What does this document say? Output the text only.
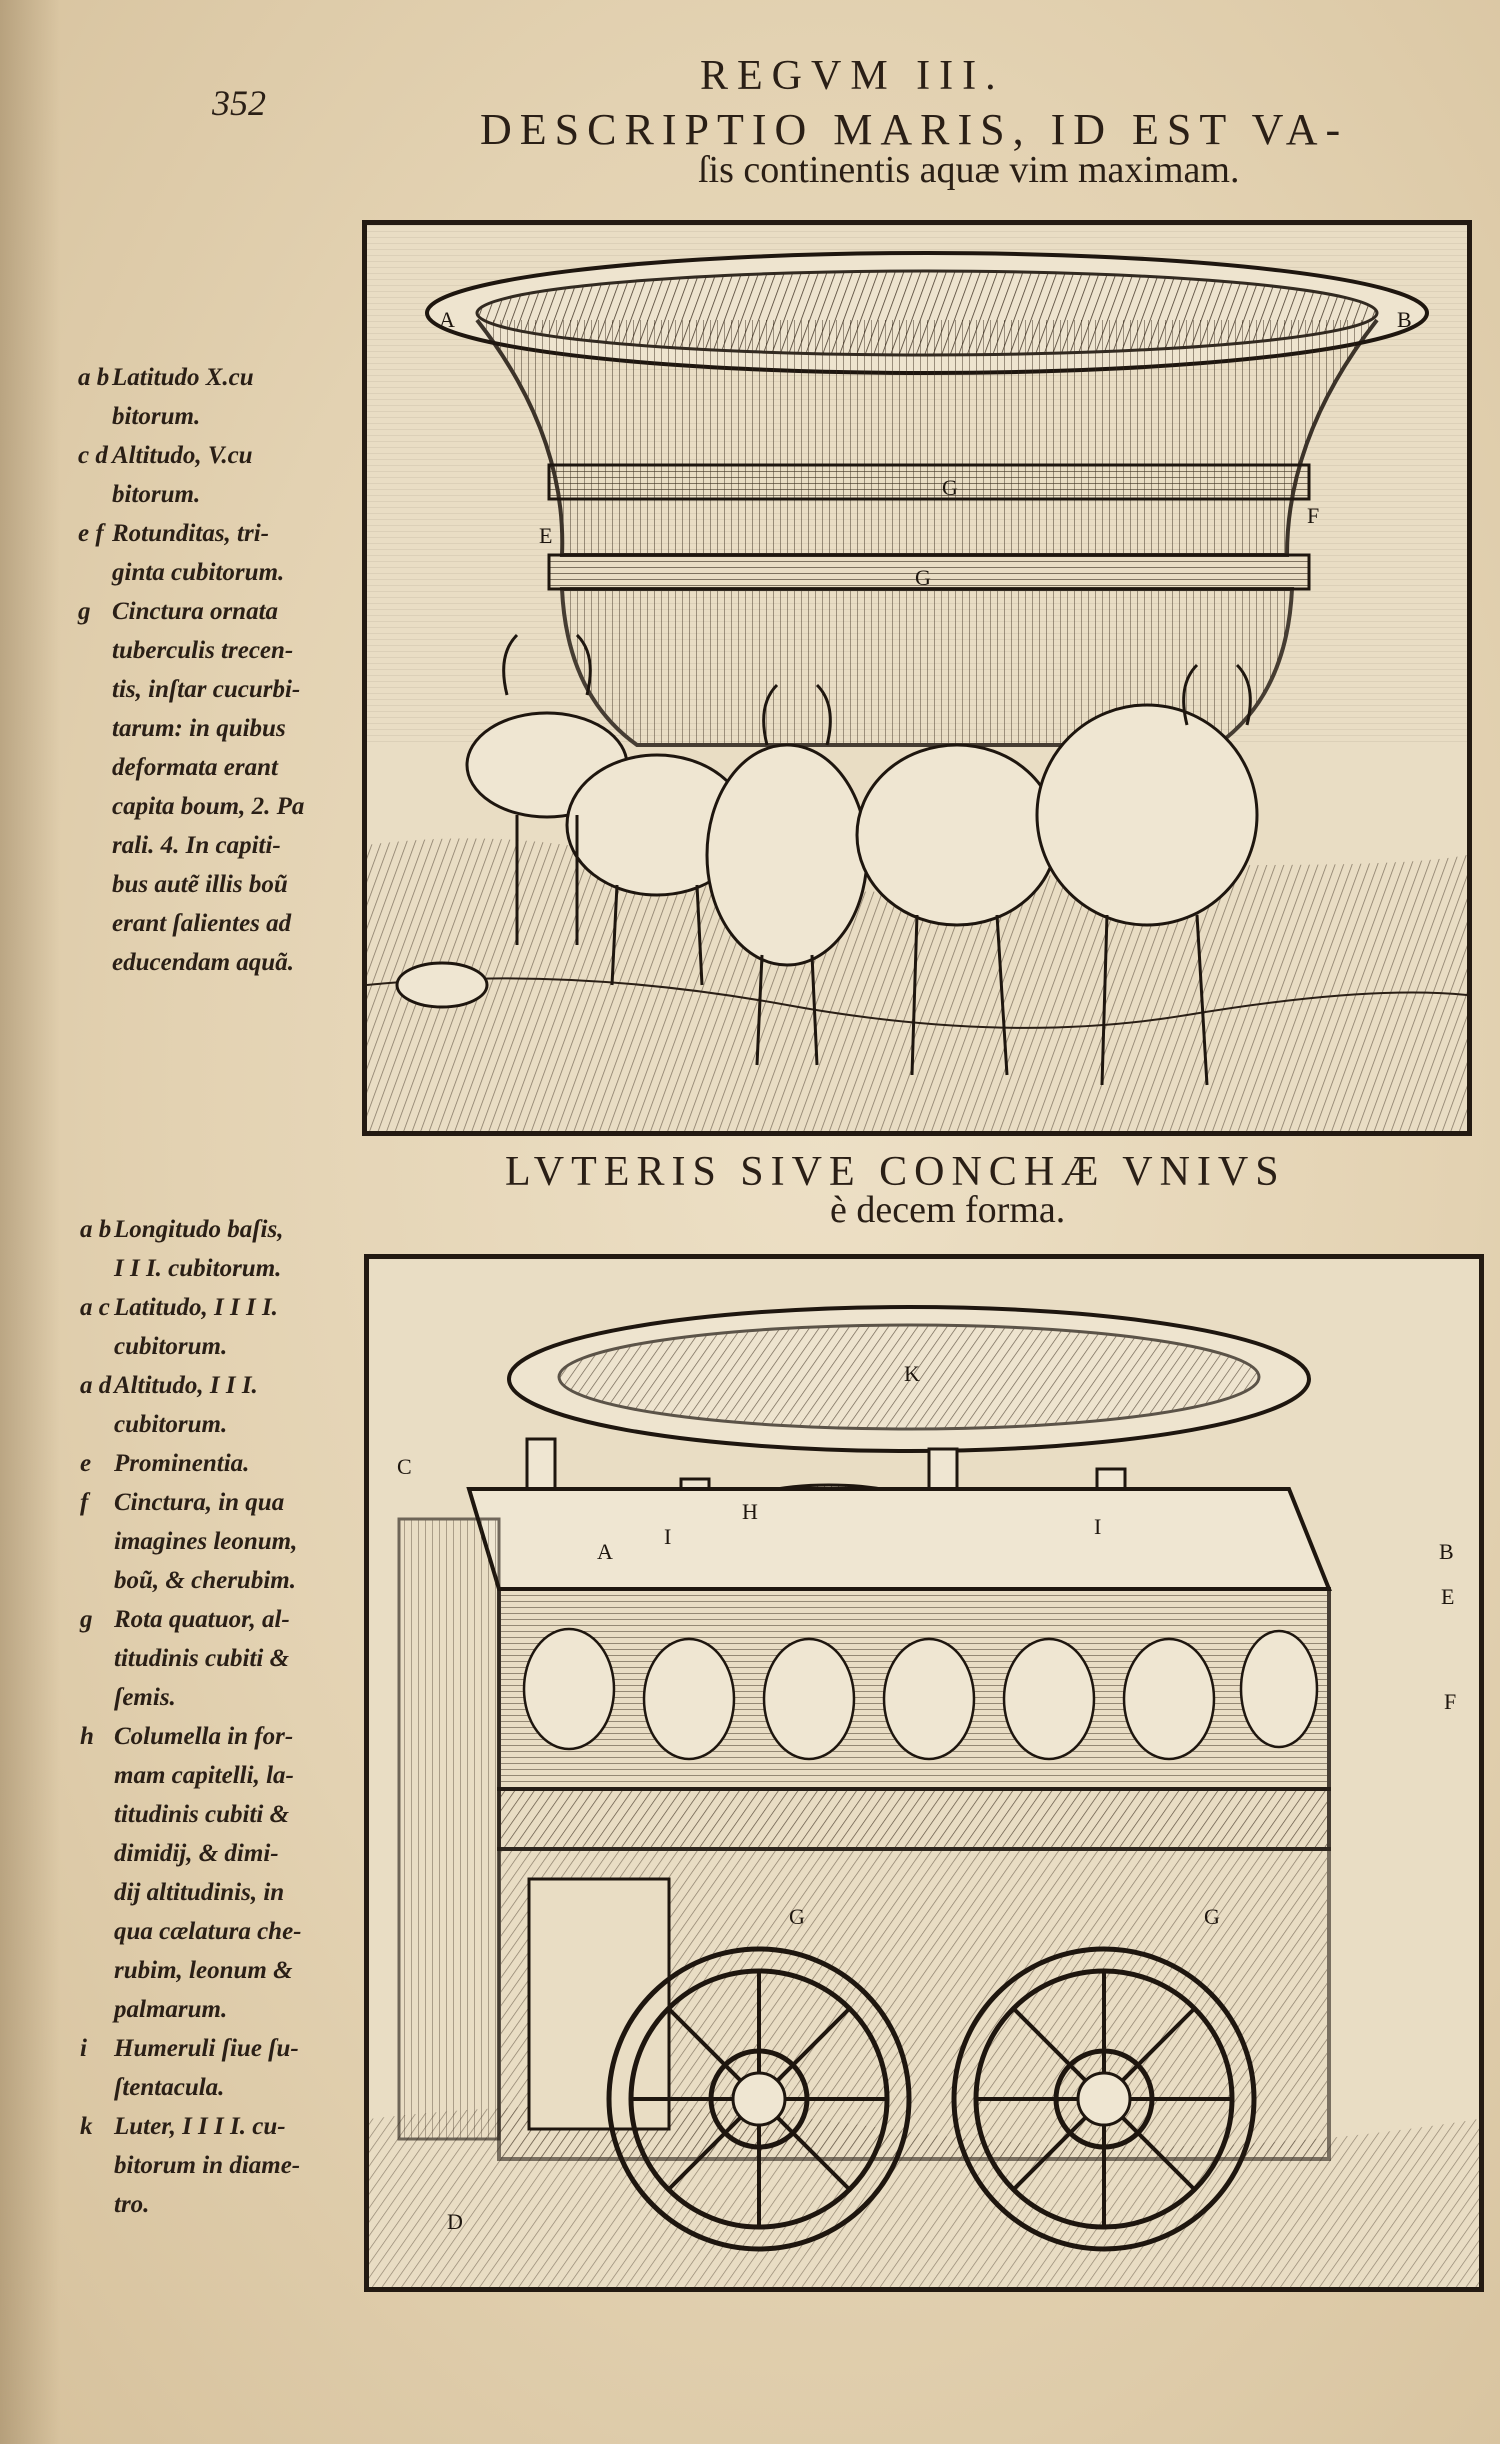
352
REGVM III.
DESCRIPTIO MARIS, ID EST VA-
ſis continentis aquæ vim maximam.
a b Latitudo X.cu
bitorum.
c d Altitudo, V.cu
bitorum.
e f Rotunditas, tri-
ginta cubitorum.
g Cinctura ornata
tuberculis trecen-
tis, inſtar cucurbi-
tarum: in quibus
deformata erant
capita boum, 2. Pa
rali. 4. In capiti-
bus autẽ illis boũ
erant ſalientes ad
educendam aquã.
A	B
E
F
G
G
LVTERIS SIVE CONCHÆ VNIVS
è decem forma.
a b Longitudo baſis,
I I I. cubitorum.
a c Latitudo, I I I I.
cubitorum.
a d Altitudo, I I I.
cubitorum.
e Prominentia.
f	Cinctura, in qua
imagines leonum,
boũ, & cherubim.
g Rota quatuor, al-
titudinis cubiti &
ſemis.
h Columella in for-
mam capitelli, la-
titudinis cubiti &
dimidij, & dimi-
dij altitudinis, in
qua cælatura che-
rubim, leonum &
palmarum.
i	Humeruli ſiue ſu-
ſtentacula.
k Luter, I I I I. cu-
bitorum in diame-
tro.
K
A	B
C
D
E
F
G	G
H
I	I
